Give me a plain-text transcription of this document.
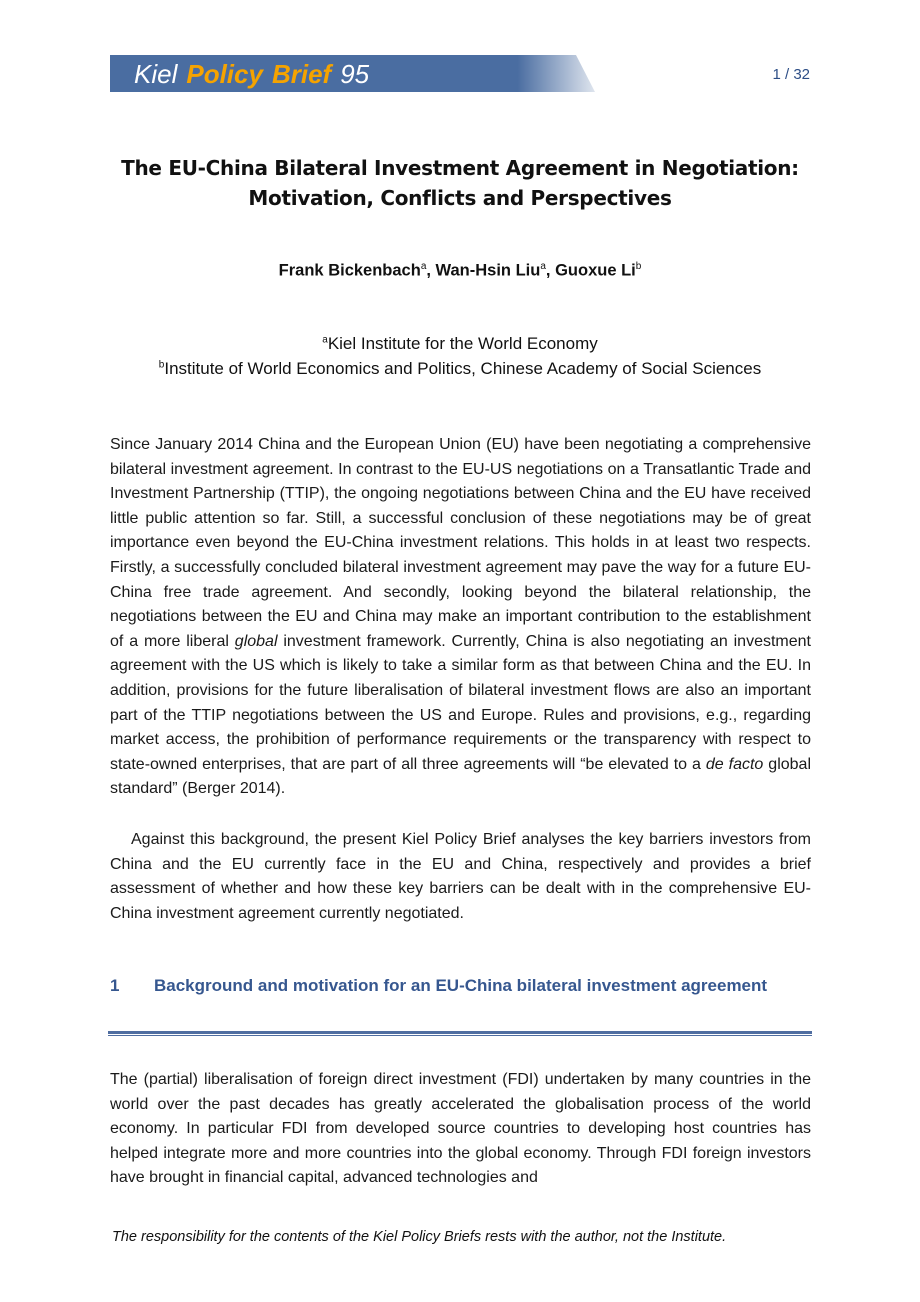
Kiel Policy Brief 95	1 / 32
The EU-China Bilateral Investment Agreement in Negotiation:
Motivation, Conflicts and Perspectives
Frank Bickenbach$^a$, Wan-Hsin Liu$^a$, Guoxue Li$^b$
$^a$Kiel Institute for the World Economy
$^b$Institute of World Economics and Politics, Chinese Academy of Social Sciences
Since January 2014 China and the European Union (EU) have been negotiating a comprehensive bilateral investment agreement. In contrast to the EU-US negotiations on a Transatlantic Trade and Investment Partnership (TTIP), the ongoing negotiations between China and the EU have received little public attention so far. Still, a successful conclusion of these negotiations may be of great importance even beyond the EU-China investment relations. This holds in at least two respects. Firstly, a successfully concluded bilateral investment agreement may pave the way for a future EU-China free trade agreement. And secondly, looking beyond the bilateral relationship, the negotiations between the EU and China may make an important contribution to the establishment of a more liberal global investment framework. Currently, China is also negotiating an investment agreement with the US which is likely to take a similar form as that between China and the EU. In addition, provisions for the future liberalisation of bilateral investment flows are also an important part of the TTIP negotiations between the US and Europe. Rules and provisions, e.g., regarding market access, the prohibition of performance requirements or the transparency with respect to state-owned enterprises, that are part of all three agreements will “be elevated to a de facto global standard” (Berger 2014).
Against this background, the present Kiel Policy Brief analyses the key barriers investors from China and the EU currently face in the EU and China, respectively and provides a brief assessment of whether and how these key barriers can be dealt with in the comprehensive EU-China investment agreement currently negotiated.
1 Background and motivation for an EU-China bilateral investment agreement
The (partial) liberalisation of foreign direct investment (FDI) undertaken by many countries in the world over the past decades has greatly accelerated the globalisation process of the world economy. In particular FDI from developed source countries to developing host countries has helped integrate more and more countries into the global economy. Through FDI foreign investors have brought in financial capital, advanced technologies and
The responsibility for the contents of the Kiel Policy Briefs rests with the author, not the Institute.
